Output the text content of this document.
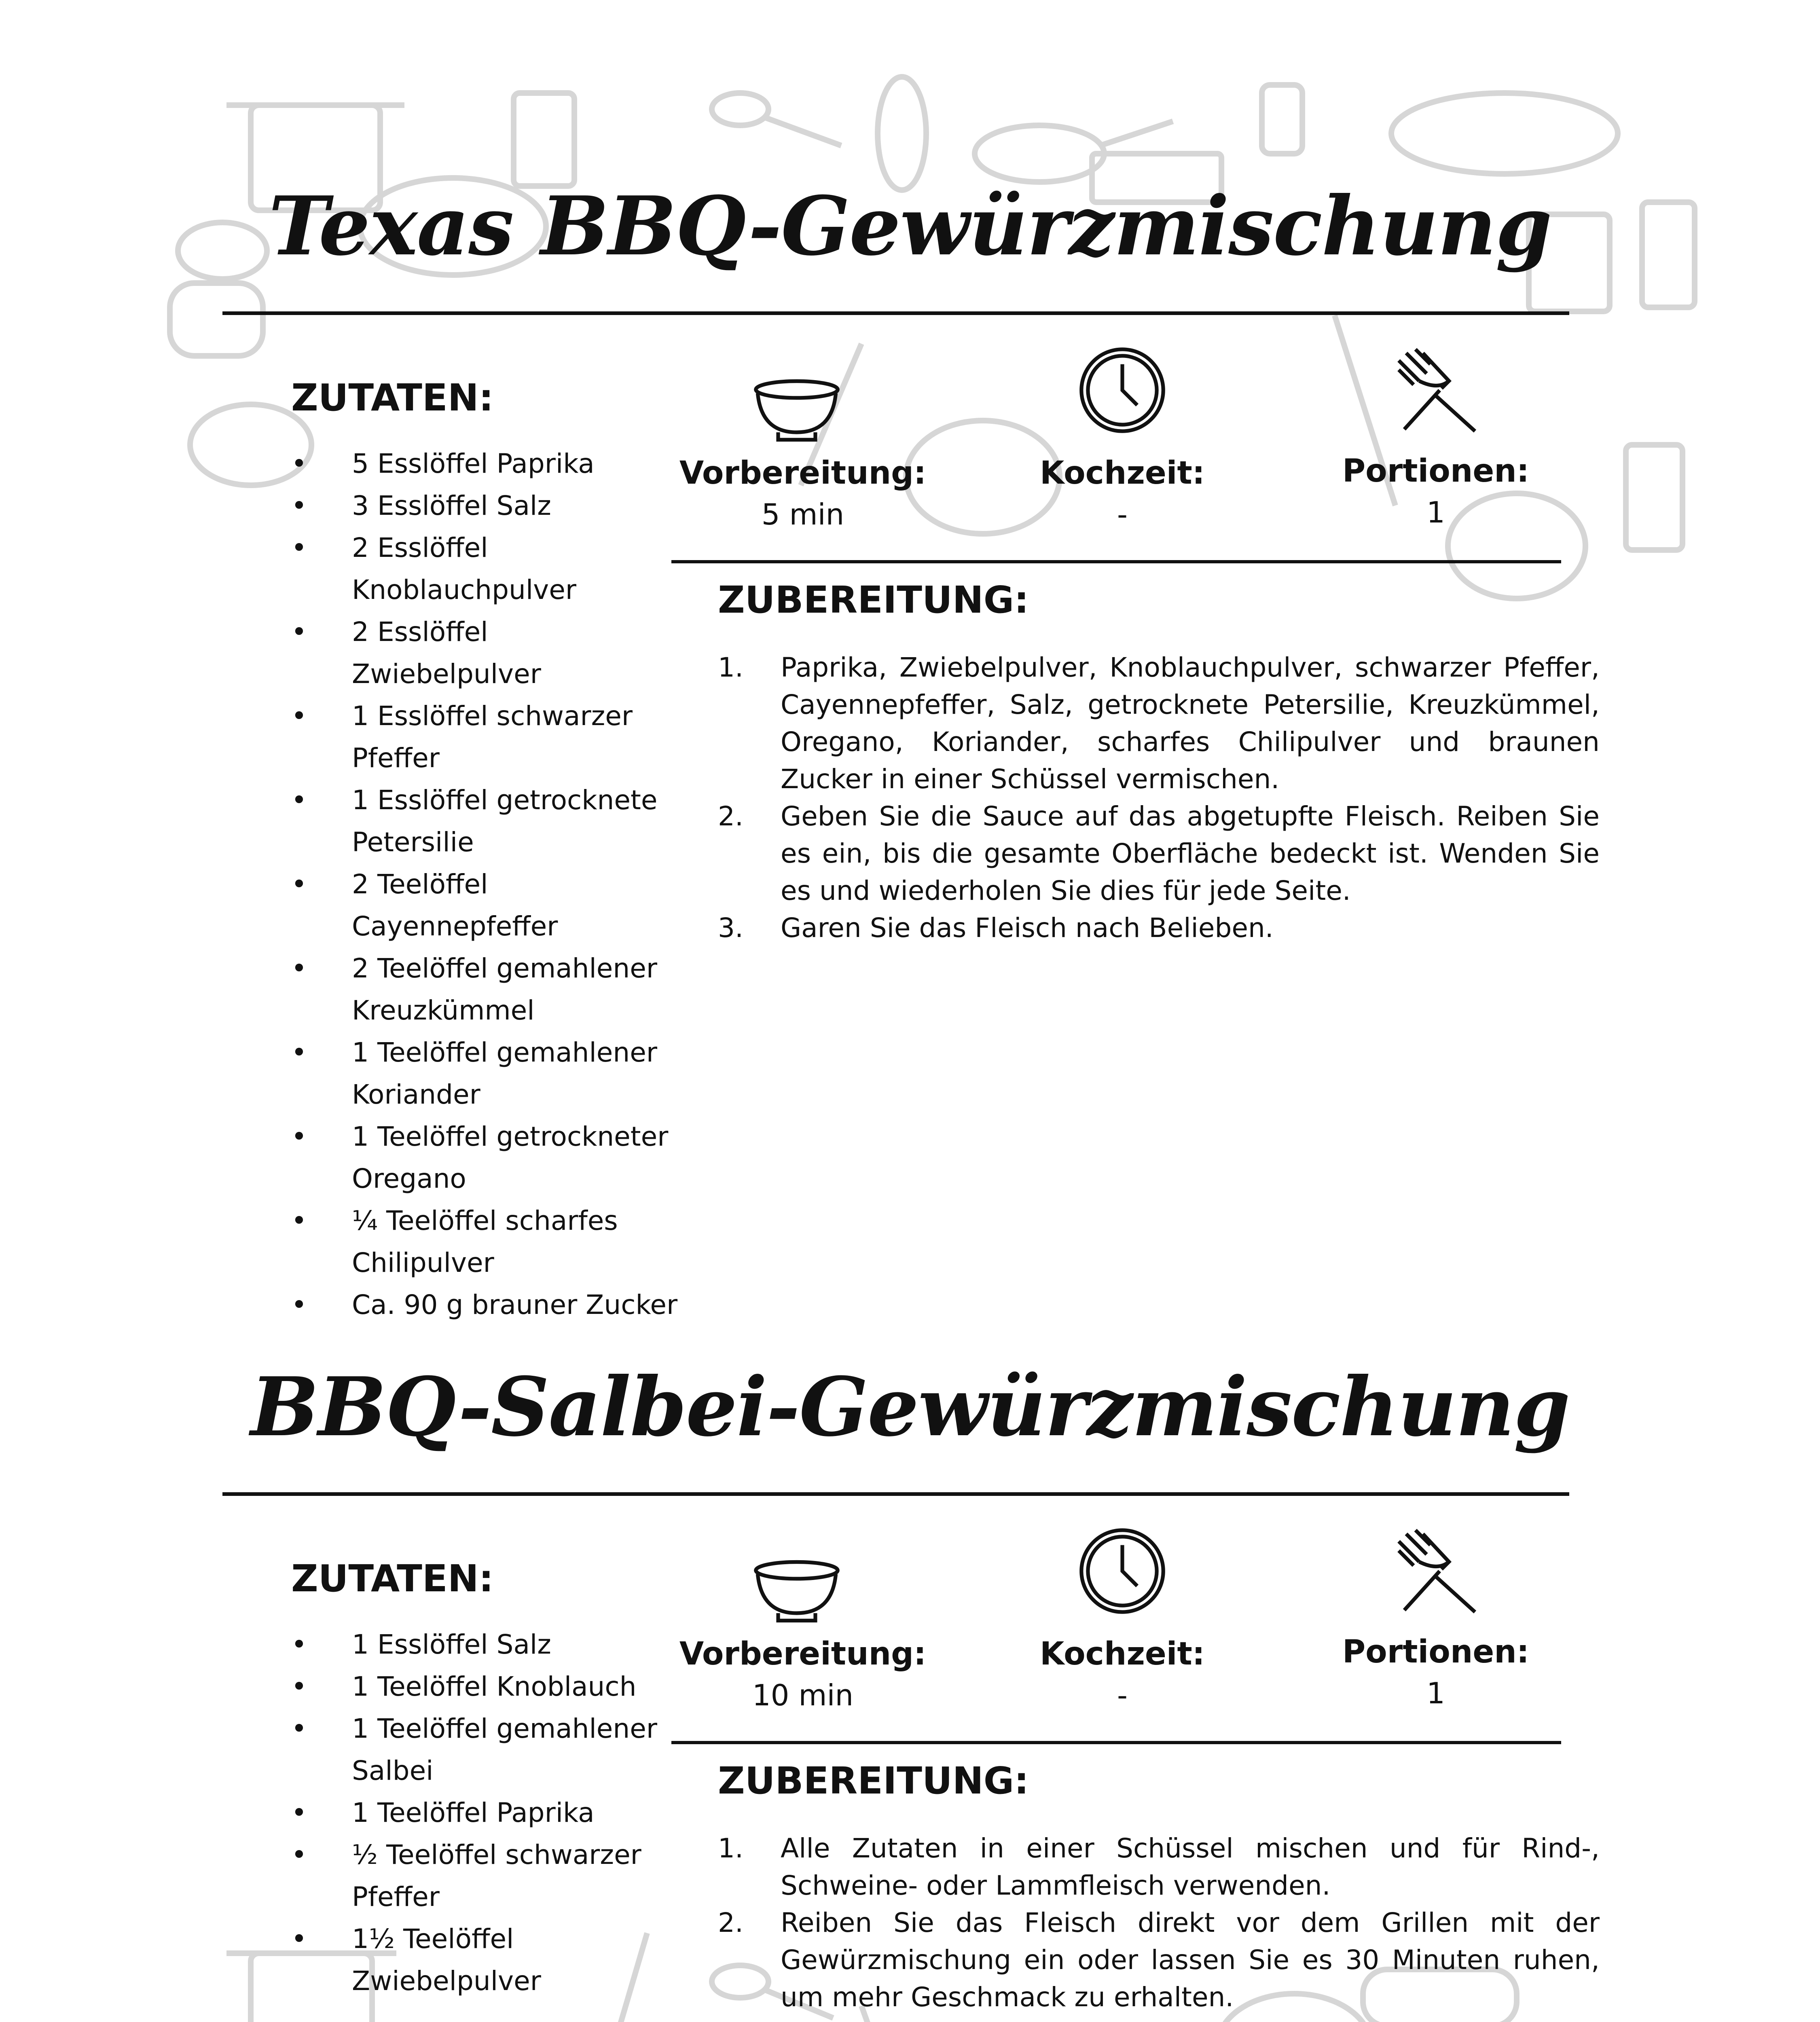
Texas BBQ-Gewürzmischung
ZUTATEN:
• 5 Esslöffel Paprika
• 3 Esslöffel Salz
• 2 Esslöffel Knoblauchpulver
• 2 Esslöffel Zwiebelpulver
• 1 Esslöffel schwarzer Pfeffer
• 1 Esslöffel getrocknete Petersilie
• 2 Teelöffel Cayennepfeffer
• 2 Teelöffel gemahlener Kreuzkümmel
• 1 Teelöffel gemahlener Koriander
• 1 Teelöffel getrockneter Oregano
• ¼ Teelöffel scharfes Chilipulver
• Ca. 90 g brauner Zucker
Vorbereitung:
5 min
Kochzeit:
-
Portionen:
1
ZUBEREITUNG:
1. Paprika, Zwiebelpulver, Knoblauchpulver, schwarzer Pfeffer, Cayennepfeffer, Salz, getrocknete Petersilie, Kreuzkümmel, Oregano, Koriander, scharfes Chilipulver und braunen Zucker in einer Schüssel vermischen.
2. Geben Sie die Sauce auf das abgetupfte Fleisch. Reiben Sie es ein, bis die gesamte Oberfläche bedeckt ist. Wenden Sie es und wiederholen Sie dies für jede Seite.
3. Garen Sie das Fleisch nach Belieben.
BBQ-Salbei-Gewürzmischung
ZUTATEN:
• 1 Esslöffel Salz
• 1 Teelöffel Knoblauch
• 1 Teelöffel gemahlener Salbei
• 1 Teelöffel Paprika
• ½ Teelöffel schwarzer Pfeffer
• 1½ Teelöffel Zwiebelpulver
Vorbereitung:
10 min
Kochzeit:
-
Portionen:
1
ZUBEREITUNG:
1. Alle Zutaten in einer Schüssel mischen und für Rind-, Schweine- oder Lammfleisch verwenden.
2. Reiben Sie das Fleisch direkt vor dem Grillen mit der Gewürzmischung ein oder lassen Sie es 30 Minuten ruhen, um mehr Geschmack zu erhalten.
